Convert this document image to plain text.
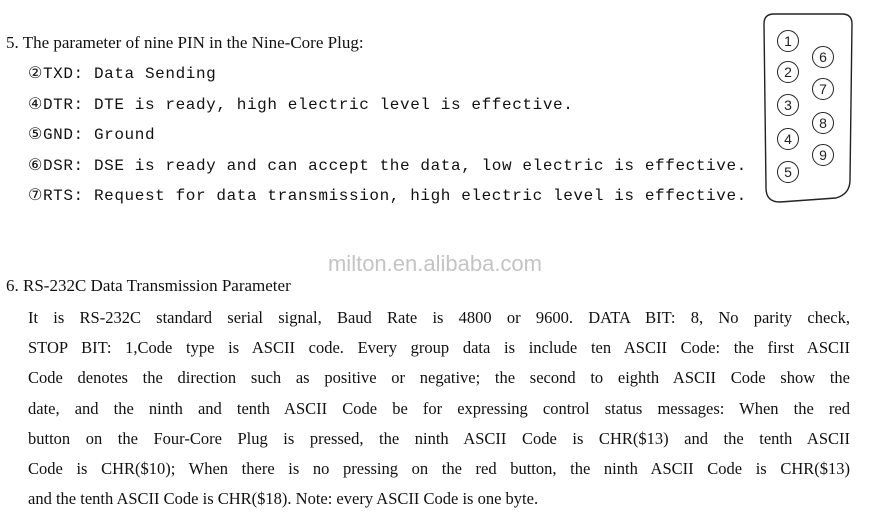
5. The parameter of nine PIN in the Nine-Core Plug:
②TXD: Data Sending
④DTR: DTE is ready, high electric level is effective.
⑤GND: Ground
⑥DSR: DSE is ready and can accept the data, low electric is effective.
⑦RTS: Request for data transmission, high electric level is effective.
1
2
3
4
5
6
7
8
9
milton.en.alibaba.com
6. RS-232C Data Transmission Parameter
It is RS-232C standard serial signal, Baud Rate is 4800 or 9600. DATA BIT: 8, No parity check,
STOP BIT: 1,Code type is ASCII code. Every group data is include ten ASCII Code: the first ASCII
Code denotes the direction such as positive or negative; the second to eighth ASCII Code show the
date, and the ninth and tenth ASCII Code be for expressing control status messages: When the red
button on the Four-Core Plug is pressed, the ninth ASCII Code is CHR($13) and the tenth ASCII
Code is CHR($10); When there is no pressing on the red button, the ninth ASCII Code is CHR($13)
and the tenth ASCII Code is CHR($18). Note: every ASCII Code is one byte.
